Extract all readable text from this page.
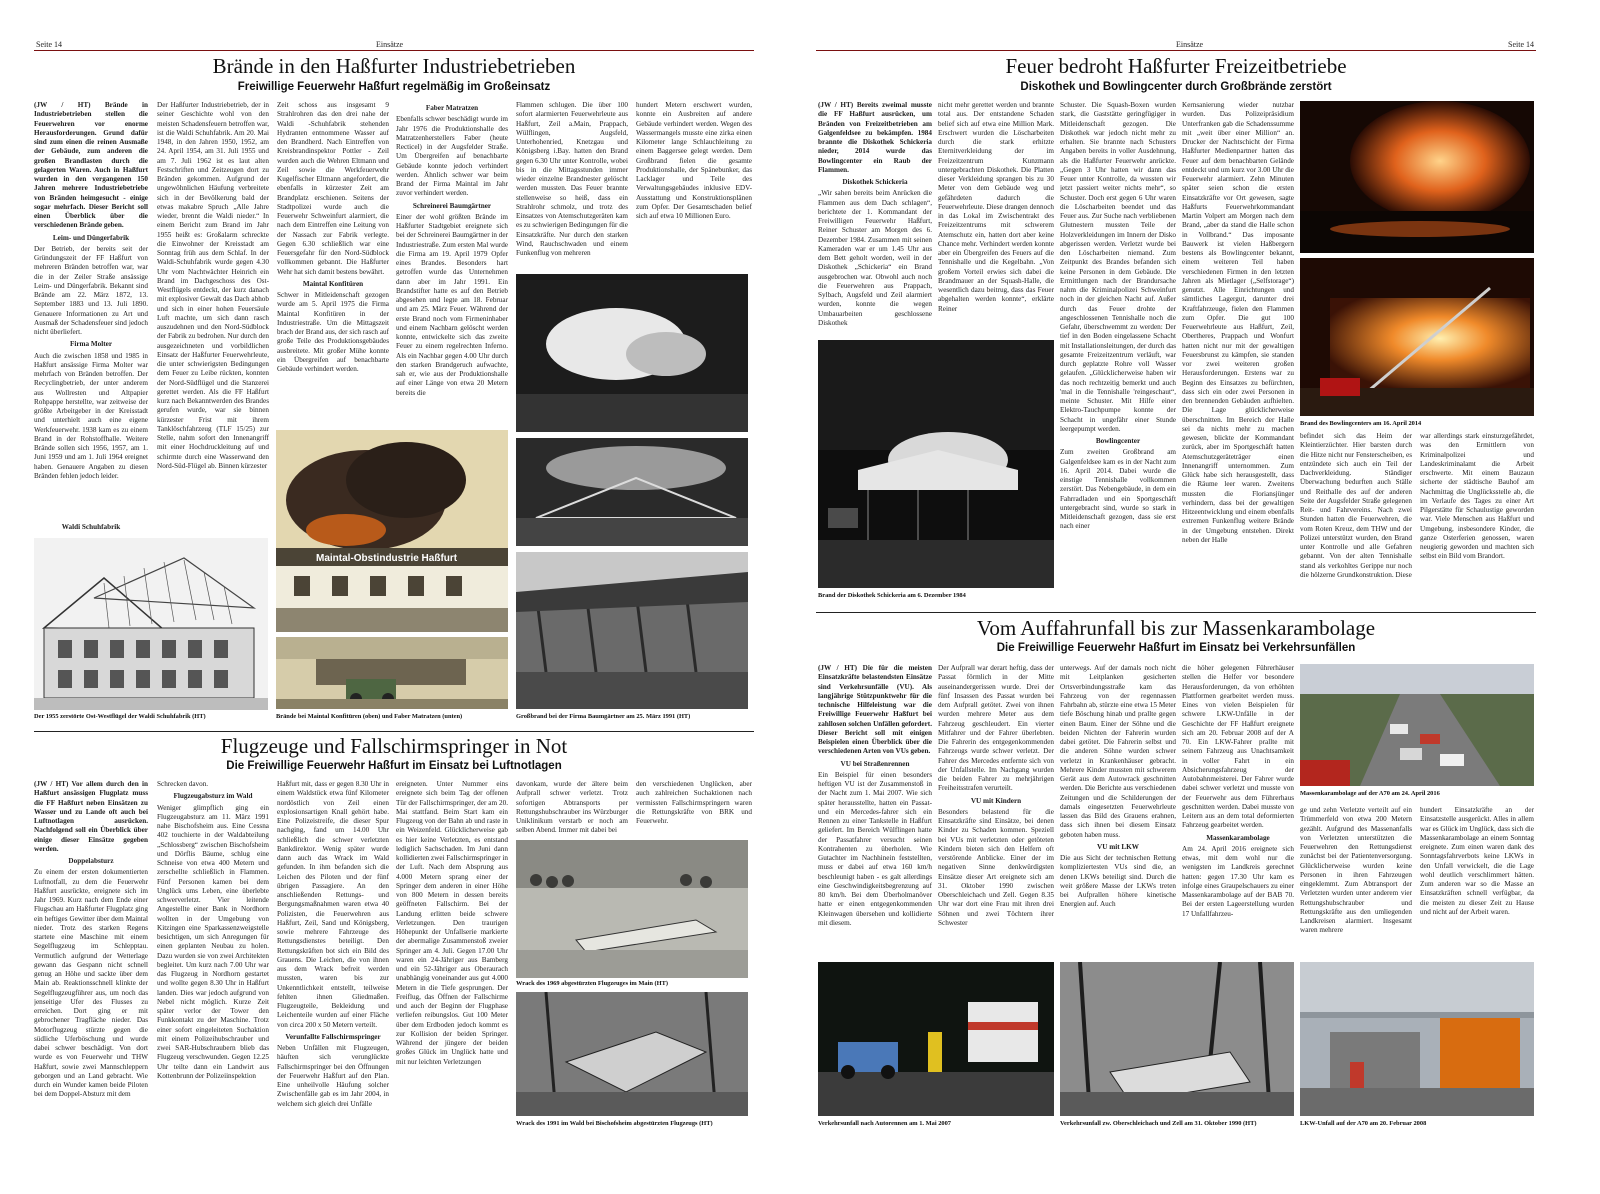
Seite 14	Einsätze
Brände in den Haßfurter Industriebetrieben
Freiwillige Feuerwehr Haßfurt regelmäßig im Großeinsatz

(JW / HT) Brände in Industriebetrieben stellen die Feuerwehren vor enorme Herausforderungen. Grund dafür sind zum einen die reinen Ausmaße der Gebäude, zum anderen die großen Brandlasten durch die gelagerten Waren. Auch in Haßfurt wurden in den vergangenen 150 Jahren mehrere Industriebetriebe von Bränden heimgesucht - einige sogar mehrfach. Dieser Bericht soll einen Überblick über die verschiedenen Brände geben.

Leim- und Düngerfabrik

Der Betrieb, der bereits seit der Gründungszeit der FF Haßfurt von mehreren Bränden betroffen war, war die in der Zeiler Straße ansässige Leim- und Düngerfabrik. Bekannt sind Brände am 22. März 1872, 13. September 1883 und 13. Juli 1890. Genauere Informationen zu Art und Ausmaß der Schadensfeuer sind jedoch nicht überliefert.

Firma Molter

Auch die zwischen 1858 und 1985 in Haßfurt ansässige Firma Molter war mehrfach von Bränden betroffen. Der Recyclingbetrieb, der unter anderem aus Wollresten und Altpapier Rohpappe herstellte, war zeitweise der größte Arbeitgeber in der Kreisstadt und unterhielt auch eine eigene Werkfeuerwehr. 1938 kam es zu einem Brand in der Rohstoffhalle. Weitere Brände sollen sich 1956, 1957, am 1. Juni 1959 und am 1. Juli 1964 ereignet haben. Genauere Angaben zu diesen Bränden fehlen jedoch leider.

Waldi Schuhfabrik

Der Haßfurter Industriebetrieb, der in seiner Geschichte wohl von den meisten Schadensfeuern betroffen war, ist die Waldi Schuhfabrik. Am 20. Mai 1948, in den Jahren 1950, 1952, am 24. April 1954, am 31. Juli 1955 und am 7. Juli 1962 ist es laut alten Festschriften und Zeitzeugen dort zu Bränden gekommen. Aufgrund der ungewöhnlichen Häufung verbreitete sich in der Bevölkerung bald der etwas makabre Spruch „Alle Jahre wieder, brennt die Waldi nieder.“ In einem Bericht zum Brand im Jahr 1955 heißt es: Großalarm schreckte die Einwohner der Kreisstadt am Sonntag früh aus dem Schlaf. In der Waldi-Schuhfabrik wurde gegen 4.30 Uhr vom Nachtwächter Heinrich ein Brand im Dachgeschoss des Ost-Westflügels entdeckt, der kurz danach mit explosiver Gewalt das Dach abhob und sich in einer hohen Feuersäule Luft machte, um sich dann rasch auszudehnen und den Nord-Südblock der Fabrik zu bedrohen. Nur durch den ausgezeichneten und vorbildlichen Einsatz der Haßfurter Feuerwehrleute, die unter schwierigsten Bedingungen dem Feuer zu Leibe rückten, konnten der Nord-Südflügel und die Stanzerei gerettet werden. Als die FF Haßfurt kurz nach Bekanntwerden des Brandes gerufen wurde, war sie binnen kürzester Frist mit ihrem Tanklöschfahrzeug (TLF 15/25) zur Stelle, nahm sofort den Innenangriff mit einer Hochdruckleitung auf und schirmte durch eine Wasserwand den Nord-Süd-Flügel ab. Binnen kürzester

Zeit schoss aus insgesamt 9 Strahlrohren das den drei nahe der Waldi -Schuhfabrik stehenden Hydranten entnommene Wasser auf den Brandherd. Nach Eintreffen von Kreisbrandinspektor Pottler - Zeil wurden auch die Wehren Eltmann und Zeil sowie die Werkfeuerwehr Kugelfischer Eltmann angefordert, die ebenfalls in kürzester Zeit am Brandplatz erschienen. Seitens der Stadtpolizei wurde auch die Feuerwehr Schweinfurt alarmiert, die nach dem Eintreffen eine Leitung von der Nassach zur Fabrik verlegte. Gegen 6.30 schließlich war eine Feuersgefahr für den Nord-Südblock vollkommen gebannt. Die Haßfurter Wehr hat sich damit bestens bewährt.

Maintal Konfitüren

Schwer in Mitleidenschaft gezogen wurde am 5. April 1975 die Firma Maintal Konfitüren in der Industriestraße. Um die Mittagszeit brach der Brand aus, der sich rasch auf große Teile des Produktionsgebäudes ausbreitete. Mit großer Mühe konnte ein Übergreifen auf benachbarte Gebäude verhindert werden.

Faber Matratzen

Ebenfalls schwer beschädigt wurde im Jahr 1976 die Produktionshalle des Matratzenherstellers Faber (heute Recticel) in der Augsfelder Straße. Um Übergreifen auf benachbarte Gebäude konnte jedoch verhindert werden. Ähnlich schwer war beim Brand der Firma Maintal im Jahr zuvor verhindert werden.

Schreinerei Baumgärtner

Einer der wohl größten Brände im Haßfurter Stadtgebiet ereignete sich bei der Schreinerei Baumgärtner in der Industriestraße. Zum ersten Mal wurde die Firma am 19. April 1979 Opfer eines Brandes. Besonders hart getroffen wurde das Unternehmen dann aber im Jahr 1991. Ein Brandstifter hatte es auf den Betrieb abgesehen und legte am 18. Februar und am 25. März Feuer. Während der erste Brand noch vom Firmeninhaber und einem Nachbarn gelöscht werden konnte, entwickelte sich das zweite Feuer zu einem regelrechten Inferno. Als ein Nachbar gegen 4.00 Uhr durch den starken Brandgeruch aufwachte, sah er, wie aus der Produktionshalle auf einer Länge von etwa 20 Metern bereits die

Flammen schlugen. Die über 100 sofort alarmierten Feuerwehrleute aus Haßfurt, Zeil a.Main, Prappach, Wülflingen, Augsfeld, Unterhohenried, Knetzgau und Königsberg i.Bay. hatten den Brand gegen 6.30 Uhr unter Kontrolle, wobei bis in die Mittagsstunden immer wieder einzelne Brandnester gelöscht werden mussten. Das Feuer brannte stellenweise so heiß, dass ein Strahlrohr schmolz, und trotz des Einsatzes von Atemschutzgeräten kam es zu schwierigen Bedingungen für die Einsatzkräfte. Nur durch den starken Wind, Rauchschwaden und einem Funkenflug von mehreren

hundert Metern erschwert wurden, konnte ein Ausbreiten auf andere Gebäude verhindert werden. Wegen des Wassermangels musste eine zirka einen Kilometer lange Schlauchleitung zu einem Baggersee gelegt werden. Dem Großbrand fielen die gesamte Produktionshalle, der Spänebunker, das Lacklager und Teile des Verwaltungsgebäudes inklusive EDV-Ausstattung und Konstruktionsplänen zum Opfer. Der Gesamtschaden belief sich auf etwa 10 Millionen Euro.

Der 1955 zerstörte Ost-Westflügel der Waldi Schuhfabrik (HT)
Maintal-Obstindustrie Haßfurt
Brände bei Maintal Konfitüren (oben) und Faber Matratzen (unten)	Großbrand bei der Firma Baumgärtner am 25. März 1991 (HT)
Flugzeuge und Fallschirmspringer in Not
Die Freiwillige Feuerwehr Haßfurt im Einsatz bei Luftnotlagen

(JW / HT) Vor allem durch den in Haßfurt ansässigen Flugplatz muss die FF Haßfurt neben Einsätzen zu Wasser und zu Lande oft auch bei Luftnotlagen ausrücken. Nachfolgend soll ein Überblick über einige dieser Einsätze gegeben werden.

Doppelabsturz

Zu einem der ersten dokumentierten Luftnotfall, zu dem die Feuerwehr Haßfurt ausrückte, ereignete sich im Jahr 1969. Kurz nach dem Ende einer Flugschau am Haßfurter Flugplatz ging ein heftiges Gewitter über dem Maintal nieder. Trotz des starken Regens startete eine Maschine mit einem Segelflugzeug im Schlepptau. Vermutlich aufgrund der Wetterlage gewann das Gespann nicht schnell genug an Höhe und sackte über dem Main ab. Reaktionsschnell klinkte der Segelflugzeugführer aus, um noch das jenseitige Ufer des Flusses zu erreichen. Dort ging er mit gebrochener Tragfläche nieder. Das Motorflugzeug stürzte gegen die südliche Uferböschung und wurde dabei schwer beschädigt. Von dort wurde es von Feuerwehr und THW Haßfurt, sowie zwei Mannschleppern geborgen und an Land gebracht. Wie durch ein Wunder kamen beide Piloten bei dem Doppel-Absturz mit dem

Schrecken davon.

Flugzeugabsturz im Wald

Weniger glimpflich ging ein Flugzeugabsturz am 11. März 1991 nahe Bischofsheim aus. Eine Cessna 402 touchierte in der Waldabteilung „Schlossberg“ zwischen Bischofsheim und Dörflis Bäume, schlug eine Schneise von etwa 400 Metern und zerschellte schließlich in Flammen. Fünf Personen kamen bei dem Unglück ums Leben, eine überlebte schwerverletzt. Vier leitende Angestellte einer Bank in Nordhorn wollten in der Umgebung von Kitzingen eine Sparkassenzweigstelle besichtigen, um sich Anregungen für einen geplanten Neubau zu holen. Dazu wurden sie von zwei Architekten begleitet. Um kurz nach 7.00 Uhr war das Flugzeug in Nordhorn gestartet und wollte gegen 8.30 Uhr in Haßfurt landen. Dies war jedoch aufgrund von Nebel nicht möglich. Kurze Zeit später verlor der Tower den Funkkontakt zu der Maschine. Trotz einer sofort eingeleiteten Suchaktion mit einem Polizeihubschrauber und zwei SAR-Hubschraubern blieb das Flugzeug verschwunden. Gegen 12.25 Uhr teilte dann ein Landwirt aus Kottenbrunn der Polizeiinspektion

Haßfurt mit, dass er gegen 8.30 Uhr in einem Waldstück etwa fünf Kilometer nordöstlich von Zeil einen explosionsartigen Knall gehört habe. Eine Polizeistreife, die dieser Spur nachging, fand um 14.00 Uhr schließlich die schwer verletzten Bankdirektor. Wenig später wurde dann auch das Wrack im Wald gefunden. In ihm befanden sich die Leichen des Piloten und der fünf übrigen Passagiere. An den anschließenden Rettungs- und Bergungsmaßnahmen waren etwa 40 Polizisten, die Feuerwehren aus Haßfurt, Zeil, Sand und Königsberg, sowie mehrere Fahrzeuge des Rettungsdienstes beteiligt. Den Rettungskräften bot sich ein Bild des Grauens. Die Leichen, die von ihnen aus dem Wrack befreit werden mussten, waren bis zur Unkenntlichkeit entstellt, teilweise fehlten ihnen Gliedmaßen. Flugzeugteile, Bekleidung und Leichenteile wurden auf einer Fläche von circa 200 x 50 Metern verteilt.

Verunfallte Fallschirmspringer

Neben Unfällen mit Flugzeugen, häuften sich verunglückte Fallschirmspringer bei den Öffnungen der Feuerwehr Haßfurt auf den Plan. Eine unheilvolle Häufung solcher Zwischenfälle gab es im Jahr 2004, in welchem sich gleich drei Unfälle

ereigneten. Unter Nummer eins ereignete sich beim Tag der offenen Tür der Fallschirmspringer, der am 20. Mai stattfand. Beim Start kam ein Flugzeug von der Bahn ab und raste in ein Weizenfeld. Glücklicherweise gab es hier keine Verletzten, es entstand lediglich Sachschaden. Im Juni dann kollidierten zwei Fallschirmspringer in der Luft. Nach dem Absprung aus 4.000 Metern sprang einer der Springer dem anderen in einer Höhe von 800 Metern in dessen bereits geöffneten Fallschirm. Bei der Landung erlitten beide schwere Verletzungen. Den traurigen Höhepunkt der Unfallserie markierte der abermalige Zusammenstoß zweier Springer am 4. Juli. Gegen 17.00 Uhr waren ein 24-Jähriger aus Bamberg und ein 52-Jähriger aus Oberaurach unabhängig voneinander aus gut 4.000 Metern in die Tiefe gesprungen. Der Freiflug, das Öffnen der Fallschirme und auch der Beginn der Flugphase verliefen reibungslos. Gut 100 Meter über dem Erdboden jedoch kommt es zur Kollision der beiden Springer. Während der jüngere der beiden großes Glück im Unglück hatte und mit nur leichten Verletzungen

davonkam, wurde der ältere beim Aufprall schwer verletzt. Trotz sofortigen Abtransports per Rettungshubschrauber ins Würzburger Uniklinikum verstarb er noch am selben Abend. Immer mit dabei bei

den verschiedenen Unglücken, aber auch zahlreichen Suchaktionen nach vermissten Fallschirmspringern waren die Rettungskräfte von BRK und Feuerwehr.

Wrack des 1969 abgestürzten Flugzeuges im Main (HT)
Wrack des 1991 im Wald bei Bischofsheim abgestürzten Flugzeugs (HT)
Einsätze	Seite 14
Feuer bedroht Haßfurter Freizeitbetriebe
Diskothek und Bowlingcenter durch Großbrände zerstört

(JW / HT) Bereits zweimal musste die FF Haßfurt ausrücken, um Bränden von Freizeitbetrieben am Galgenfeldsee zu bekämpfen. 1984 brannte die Diskothek Schickeria nieder, 2014 wurde das Bowlingcenter ein Raub der Flammen.

Diskothek Schickeria

„Wir sahen bereits beim Anrücken die Flammen aus dem Dach schlagen“, berichtete der 1. Kommandant der Freiwilligen Feuerwehr Haßfurt, Reiner Schuster am Morgen des 6. Dezember 1984. Zusammen mit seinen Kameraden war er um 1.45 Uhr aus dem Bett geholt worden, weil in der Diskothek „Schickeria“ ein Brand ausgebrochen war. Obwohl auch noch die Feuerwehren aus Prappach, Sylbach, Augsfeld und Zeil alarmiert wurden, konnte die wegen Umbauarbeiten geschlossene Diskothek

nicht mehr gerettet werden und brannte total aus. Der entstandene Schaden belief sich auf etwa eine Million Mark. Erschwert wurden die Löscharbeiten durch die stark erhitzte Eternitverkleidung der im Freizeitzentrum Kunzmann untergebrachten Diskothek. Die Platten dieser Verkleidung sprangen bis zu 30 Meter von dem Gebäude weg und gefährdeten dadurch die Feuerwehrleute. Diese drangen dennoch in das Lokal im Zwischentrakt des Freizeitzentrums mit schwerem Atemschutz ein, hatten dort aber keine Chance mehr. Verhindert werden konnte aber ein Übergreifen des Feuers auf die Tennishalle und die Kegelbahn. „Von großem Vorteil erwies sich dabei die Brandmauer an der Squash-Halle, die wesentlich dazu beitrug, dass das Feuer abgehalten werden konnte“, erklärte Reiner

Schuster. Die Squash-Boxen wurden stark, die Gaststätte geringfügiger in Mitleidenschaft gezogen. Die Diskothek war jedoch nicht mehr zu erhalten. Sie brannte nach Schusters Angaben bereits in voller Ausdehnung, als die Haßfurter Feuerwehr anrückte. „Gegen 3 Uhr hatten wir dann das Feuer unter Kontrolle, da wussten wir jetzt passiert weiter nichts mehr“, so Schuster. Doch erst gegen 6 Uhr waren die Löscharbeiten beendet und das Feuer aus. Zur Suche nach verbliebenen Glutnestern mussten Teile der Holzverkleidungen im Innern der Disko abgerissen werden. Verletzt wurde bei den Löscharbeiten niemand. Zum Zeitpunkt des Brandes befanden sich keine Personen in dem Gebäude. Die Ermittlungen nach der Brandursache nahm die Kriminalpolizei Schweinfurt noch in der gleichen Nacht auf. Außer durch das Feuer drohte der angeschlossenen Tennishalle noch die Gefahr, überschwemmt zu werden: Der tief in den Boden eingelassene Schacht mit Installationsleitungen, der durch das gesamte Freizeitzentrum verläuft, war durch geplatzte Rohre voll Wasser gelaufen. „Glücklicherweise haben wir das noch rechtzeitig bemerkt und auch 'mal in die Tennishalle 'reingeschaut“, meinte Schuster. Mit Hilfe einer Elektro-Tauchpumpe konnte der Schacht in ungefähr einer Stunde leergepumpt werden.

Bowlingcenter

Zum zweiten Großbrand am Galgenfeldsee kam es in der Nacht zum 16. April 2014. Dabei wurde die einstige Tennishalle vollkommen zerstört. Das Nebengebäude, in dem ein Fahrradladen und ein Sportgeschäft untergebracht sind, wurde so stark in Mitleidenschaft gezogen, dass sie erst nach einer

Kernsanierung wieder nutzbar wurden. Das Polizeipräsidium Unterfranken gab die Schadenssumme mit „weit über einer Million“ an. Drucker der Nachtschicht der Firma Haßfurter Medienpartner hatten das Feuer auf dem benachbarten Gelände entdeckt und um kurz vor 3.00 Uhr die Feuerwehr alarmiert. Zehn Minuten später seien schon die ersten Einsatzkräfte vor Ort gewesen, sagte Haßfurts Feuerwehrkommandant Martin Volpert am Morgen nach dem Brand, „aber da stand die Halle schon in Vollbrand.“ Das imposante Bauwerk ist vielen Haßbergern bestens als Bowlingcenter bekannt, einem weiteren Teil haben verschiedenen Firmen in den letzten Jahren als Mietlager („Selfstorage“) genutzt. Alle Einrichtungen und sämtliches Lagergut, darunter drei Kraftfahrzeuge, fielen den Flammen zum Opfer. Die gut 100 Feuerwehrleute aus Haßfurt, Zeil, Obertheres, Prappach und Wonfurt hatten nicht nur mit der gewaltigen Feuersbrunst zu kämpfen, sie standen vor zwei weiteren großen Herausforderungen. Erstens war zu Beginn des Einsatzes zu befürchten, dass sich ein oder zwei Personen in den brennenden Gebäuden aufhielten. Die Lage glücklicherweise überschnitten. Im Bereich der Halle sei da nichts mehr zu machen gewesen, blickte der Kommandant zurück, aber im Sportgeschäft hatten Atemschutzgeräteträger einen Innenangriff unternommen. Zum Glück habe sich herausgestellt, dass die Räume leer waren. Zweitens mussten die Floriansjünger verhindern, dass bei der gewaltigen Hitzeentwicklung und einem ebenfalls extremen Funkenflug weitere Brände in der Umgebung entstehen. Direkt neben der Halle

befindet sich das Heim der Kleintierzüchter. Hier barsten durch die Hitze nicht nur Fensterscheiben, es entzündete sich auch ein Teil der Dachverkleidung. Ständiger Überwachung bedurften auch Ställe und Reithalle des auf der anderen Seite der Augsfelder Straße gelegenen Reit- und Fahrvereins. Nach zwei Stunden hatten die Feuerwehren, die vom Roten Kreuz, dem THW und der Polizei unterstützt wurden, den Brand unter Kontrolle und alle Gefahren gebannt. Von der alten Tennishalle stand als verkohltes Gerippe nur noch die hölzerne Grundkonstruktion. Diese

war allerdings stark einsturzgefährdet, was den Ermittlern von Kriminalpolizei und Landeskriminalamt die Arbeit erschwerte. Mit einem Bauzaun sicherte der städtische Bauhof am Nachmittag die Unglücksstelle ab, die im Verlaufe des Tages zu einer Art Pilgerstätte für Schaulustige geworden war. Viele Menschen aus Haßfurt und Umgebung, insbesondere Kinder, die ganze Osterferien genossen, waren neugierig geworden und machten sich selbst ein Bild vom Brandort.

Brand der Diskothek Schickeria am 6. Dezember 1984
Brand des Bowlingcenters am 16. April 2014
Vom Auffahrunfall bis zur Massenkarambolage
Die Freiwillige Feuerwehr Haßfurt im Einsatz bei Verkehrsunfällen

(JW / HT) Die für die meisten Einsatzkräfte belastendsten Einsätze sind Verkehrsunfälle (VU). Als langjährige Stützpunktwehr für die technische Hilfeleistung war die Freiwillige Feuerwehr Haßfurt bei zahllosen solchen Unfällen gefordert. Dieser Bericht soll mit einigen Beispielen einen Überblick über die verschiedenen Arten von VUs geben.

VU bei Straßenrennen

Ein Beispiel für einen besonders heftigen VU ist der Zusammenstoß in der Nacht zum 1. Mai 2007. Wie sich später herausstellte, hatten ein Passat- und ein Mercedes-fahrer sich ein Rennen zu einer Tankstelle in Haßfurt geliefert. Im Bereich Wülflingen hatte der Passatfahrer versucht seinen Kontrahenten zu überholen. Wie Gutachter im Nachhinein feststellten, muss er dabei auf etwa 160 km/h beschleunigt haben - es galt allerdings eine Geschwindigkeitsbegrenzung auf 80 km/h. Bei dem Überholmanöver hatte er einen entgegenkommenden Kleinwagen übersehen und kollidierte mit diesem.

Der Aufprall war derart heftig, dass der Passat förmlich in der Mitte auseinandergerissen wurde. Drei der fünf Insassen des Passat wurden bei dem Aufprall getötet. Zwei von ihnen wurden mehrere Meter aus dem Fahrzeug geschleudert. Ein vierter Mitfahrer und der Fahrer überlebten. Die Fahrerin des entgegenkommenden Fahrzeugs wurde schwer verletzt. Der Fahrer des Mercedes entfernte sich von der Unfallstelle. Im Nachgang wurden die beiden Fahrer zu mehrjährigen Freiheitsstrafen verurteilt.

VU mit Kindern

Besonders belastend für die Einsatzkräfte sind Einsätze, bei denen Kinder zu Schaden kommen. Speziell bei VUs mit verletzten oder getöteten Kindern bieten sich den Helfern oft verstörende Anblicke. Einer der im negativen Sinne denkwürdigsten Einsätze dieser Art ereignete sich am 31. Oktober 1990 zwischen Oberschleichach und Zell. Gegen 8.35 Uhr war dort eine Frau mit ihren drei Söhnen und zwei Töchtern ihrer Schwester

unterwegs. Auf der damals noch nicht mit Leitplanken gesicherten Ortsverbindungsstraße kam das Fahrzeug von der regennassen Fahrbahn ab, stürzte eine etwa 15 Meter tiefe Böschung hinab und prallte gegen einen Baum. Einer der Söhne und die beiden Nichten der Fahrerin wurden dabei getötet. Die Fahrerin selbst und die anderen Söhne wurden schwer verletzt in Krankenhäuser gebracht. Mehrere Kinder mussten mit schwerem Gerät aus dem Autowrack geschnitten werden. Die Berichte aus verschiedenen Zeitungen und die Schilderungen der damals eingesetzten Feuerwehrleute lassen das Bild des Grauens erahnen, dass sich ihnen bei diesem Einsatz geboten haben muss.

VU mit LKW

Die aus Sicht der technischen Rettung kompliziertesten VUs sind die, an denen LKWs beteiligt sind. Durch die weit größere Masse der LKWs treten bei Aufprallen höhere kinetische Energien auf. Auch

die höher gelegenen Führerhäuser stellen die Helfer vor besondere Herausforderungen, da von erhöhten Plattformen gearbeitet werden muss. Eines von vielen Beispielen für schwere LKW-Unfälle in der Geschichte der FF Haßfurt ereignete sich am 20. Februar 2008 auf der A 70. Ein LKW-Fahrer prallte mit seinem Fahrzeug aus Unachtsamkeit in voller Fahrt in ein Absicherungsfahrzeug der Autobahnmeisterei. Der Fahrer wurde dabei schwer verletzt und musste von der Feuerwehr aus dem Führerhaus geschnitten werden. Dabei musste von Leitern aus an dem total deformierten Fahrzeug gearbeitet werden.

Massenkarambolage

Am 24. April 2016 ereignete sich etwas, mit dem wohl nur die wenigsten im Landkreis gerechnet hatten: gegen 17.30 Uhr kam es infolge eines Graupelschauers zu einer Massenkarambolage auf der BAB 70. Bei der ersten Lageerstellung wurden 17 Unfallfahrzeu-

ge und zehn Verletzte verteilt auf ein Trümmerfeld von etwa 200 Metern gezählt. Aufgrund des Massenanfalls von Verletzten unterstützten die Feuerwehren den Rettungsdienst zunächst bei der Patientenversorgung. Glücklicherweise wurden keine Personen in ihren Fahrzeugen eingeklemmt. Zum Abtransport der Verletzten wurden unter anderem vier Rettungshubschrauber und Rettungskräfte aus den umliegenden Landkreisen alarmiert. Insgesamt waren mehrere

hundert Einsatzkräfte an der Einsatzstelle ausgerückt. Alles in allem war es Glück im Unglück, dass sich die Massenkarambolage an einem Sonntag ereignete. Zum einen waren dank des Sonntagsfahrverbots keine LKWs in den Unfall verwickelt, die die Lage wohl deutlich verschlimmert hätten. Zum anderen war so die Masse an Einsatzkräften schnell verfügbar, da die meisten zu dieser Zeit zu Hause und nicht auf der Arbeit waren.

Massenkarambolage auf der A70 am 24. April 2016
Verkehrsunfall nach Autorennen am 1. Mai 2007	Verkehrsunfall zw. Oberschleichach und Zell am 31. Oktober 1990 (HT)	LKW-Unfall auf der A70 am 20. Februar 2008
